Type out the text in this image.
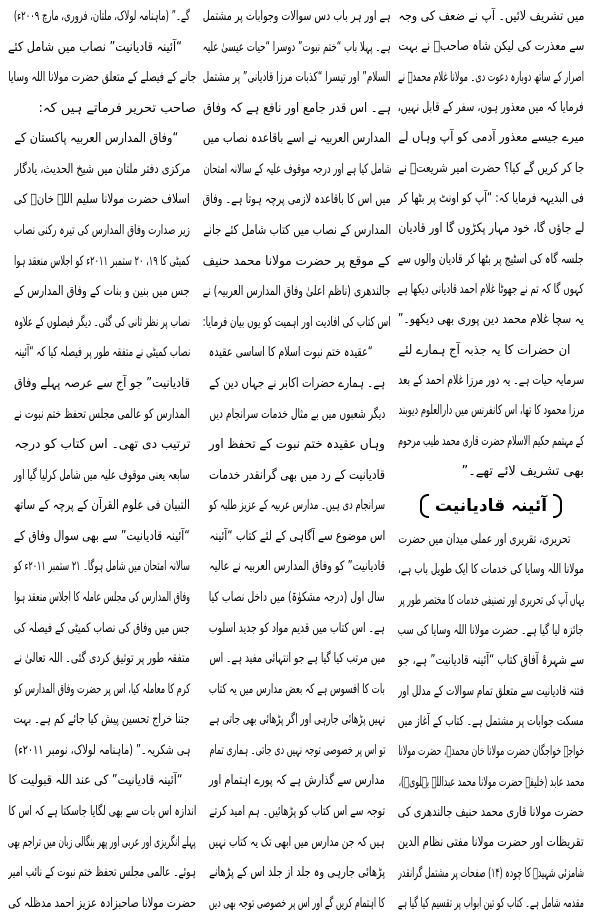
میں تشریف لائیں۔ آپ نے ضعف کی وجہ
سے معذرت کی لیکن شاہ صاحبؒ نے بہت
اصرار کے ساتھ دوبارہ دعوت دی۔ مولانا غلام محمدؒ نے
فرمایا کہ میں معذور ہوں، سفر کے قابل نہیں،
میرے جیسے معذور آدمی کو آپ وہاں لے
جا کر کریں گے کیا؟ حضرت امیر شریعتؒ نے
فی البدیہہ فرمایا کہ: “آپ کو اونٹ پر بٹھا کر
لے جاؤں گا، خود مہار پکڑوں گا اور قادیان
جلسہ گاہ کی اسٹیج پر بٹھا کر قادیان والوں سے
کہوں گا کہ تم نے جھوٹا غلام احمد قادیانی دیکھا ہے
یہ سچا غلام محمد دین پوری بھی دیکھو۔”
ان حضرات کا یہ جذبہ آج ہمارے لئے
سرمایہ حیات ہے۔ یہ دور مرزا غلام احمد کے بعد
مرزا محمود کا تھا، اس کانفرنس میں دارالعلوم دیوبند
کے مہتمم حکیم الاسلام حضرت قاری محمد طیب مرحوم
بھی تشریف لائے تھے۔”
آئینہ قادیانیت
تحریری، تقریری اور عملی میدان میں حضرت
مولانا اللہ وسایا کی خدمات کا ایک طویل باب ہے،
یہاں آپ کی تحریری اور تصنیفی خدمات کا مختصر طور پر
جائزہ لیا گیا ہے۔ حضرت مولانا اللہ وسایا کی سب
سے شہرۂ آفاق کتاب “آئینہ قادیانیت” ہے، جو
فتنہ قادیانیت سے متعلق تمام سوالات کے مدلل اور
مسکت جوابات پر مشتمل ہے۔ کتاب کے آغاز میں
خواجہ خواجگان حضرت مولانا خان محمدؒ، حضرت مولانا
محمد عابد (خلیفہ حضرت مولانا محمد عبداللہ بہلویؒ)،
حضرت مولانا قاری محمد حنیف جالندھری کی
تقریظات اور حضرت مولانا مفتی نظام الدین
شامزئی شہیدؒ کا چودہ (۱۴) صفحات پر مشتمل گرانقدر
مقدمہ شامل ہے۔ کتاب کو تین ابواب پر تقسیم کیا گیا ہے
ہے اور ہر باب دس سوالات وجوابات پر مشتمل
ہے۔ پہلا باب “ختم نبوت” دوسرا “حیات عیسیٰ علیہ
السلام” اور تیسرا “کذبات مرزا قادیانی” پر مشتمل
ہے۔ اس قدر جامع اور نافع ہے کہ وفاق
المدارس العربیہ نے اسے باقاعدہ نصاب میں
شامل کیا ہے اور درجہ موقوف علیہ کے سالانہ امتحان
میں اس کا باقاعدہ لازمی پرچہ ہوتا ہے۔ وفاق
المدارس کے نصاب میں کتاب شامل کئے جانے
کے موقع پر حضرت مولانا محمد حنیف
جالندھری (ناظم اعلیٰ وفاق المدارس العربیہ) نے
اس کتاب کی افادیت اور اہمیت کو یوں بیان فرمایا:
“عقیدہ ختم نبوت اسلام کا اساسی عقیدہ
ہے۔ ہمارے حضرات اکابر نے جہاں دین کے
دیگر شعبوں میں بے مثال خدمات سرانجام دیں
وہاں عقیدہ ختم نبوت کے تحفظ اور
قادیانیت کے رد میں بھی گرانقدر خدمات
سرانجام دی ہیں۔ مدارس عربیہ کے عزیز طلبہ کو
اس موضوع سے آگاہی کے لئے کتاب “آئینہ
قادیانیت” کو وفاق المدارس العربیہ نے عالیہ
سال اول (درجہ مشکوٰۃ) میں داخل نصاب کیا
ہے۔ اس کتاب میں قدیم مواد کو جدید اسلوب
میں مرتب کیا گیا ہے جو انتہائی مفید ہے۔ اس
بات کا افسوس ہے کہ بعض مدارس میں یہ کتاب
نہیں پڑھائی جارہی اور اگر پڑھائی بھی جاتی ہے
تو اس پر خصوصی توجہ نہیں دی جاتی۔ ہماری تمام
مدارس سے گذارش ہے کہ پورے اہتمام اور
توجہ سے اس کتاب کو پڑھائیں۔ ہم امید کرتے
ہیں کہ جن مدارس میں ابھی تک یہ کتاب نہیں
پڑھائی جارہی وہ جلد از جلد اس کے پڑھانے
کا اہتمام کریں گے اور اس پر خصوصی توجہ بھی دیں
گے۔” (ماہنامہ لولاک، ملتان، فروری، مارچ ۲۰۰۹ء)
“آئینہ قادیانیت” نصاب میں شامل کئے
جانے کے فیصلے کے متعلق حضرت مولانا اللہ وسایا
صاحب تحریر فرماتے ہیں کہ:
“وفاق المدارس العربیہ پاکستان کے
مرکزی دفتر ملتان میں شیخ الحدیث، یادگار
اسلاف حضرت مولانا سلیم اللہ خانؒ کی
زیر صدارت وفاق المدارس کی تیرہ رکنی نصاب
کمیٹی کا ۱۹، ۲۰ ستمبر ۲۰۱۱ء کو اجلاس منعقد ہوا
جس میں بنین و بنات کے وفاق المدارس کے
نصاب پر نظر ثانی کی گئی۔ دیگر فیصلوں کے علاوہ
نصاب کمیٹی نے متفقہ طور پر فیصلہ کیا کہ “آئینہ
قادیانیت” جو آج سے عرصہ پہلے وفاق
المدارس کو عالمی مجلس تحفظ ختم نبوت نے
ترتیب دی تھی۔ اس کتاب کو درجہ
سابعہ یعنی موقوف علیہ میں شامل کرلیا گیا اور
التبیان فی علوم القرآن کے پرچہ کے ساتھ
“آئینہ قادیانیت” سے بھی سوال وفاق کے
سالانہ امتحان میں شامل ہوگا۔ ۲۱ ستمبر ۲۰۱۱ء کو
وفاق المدارس کی مجلس عاملہ کا اجلاس منعقد ہوا
جس میں وفاق کی نصاب کمیٹی کے فیصلہ کی
متفقہ طور پر توثیق کردی گئی۔ اللہ تعالیٰ نے
کرم کا معاملہ کیا، اس پر حضرت وفاق المدارس کو
جتنا خراج تحسین پیش کیا جائے کم ہے۔ بہت
ہی شکریہ۔” (ماہنامہ لولاک، نومبر ۲۰۱۱ء)
“آئینہ قادیانیت” کی عند اللہ قبولیت کا
اندازہ اس بات سے بھی لگایا جاسکتا ہے کہ اس کا
پہلے انگریزی اور عربی اور پھر بنگالی زبان میں تراجم بھی
ہوئے۔ عالمی مجلس تحفظ ختم نبوت کے نائب امیر
حضرت مولانا صاحبزادہ عزیز احمد مدظلہ کی
